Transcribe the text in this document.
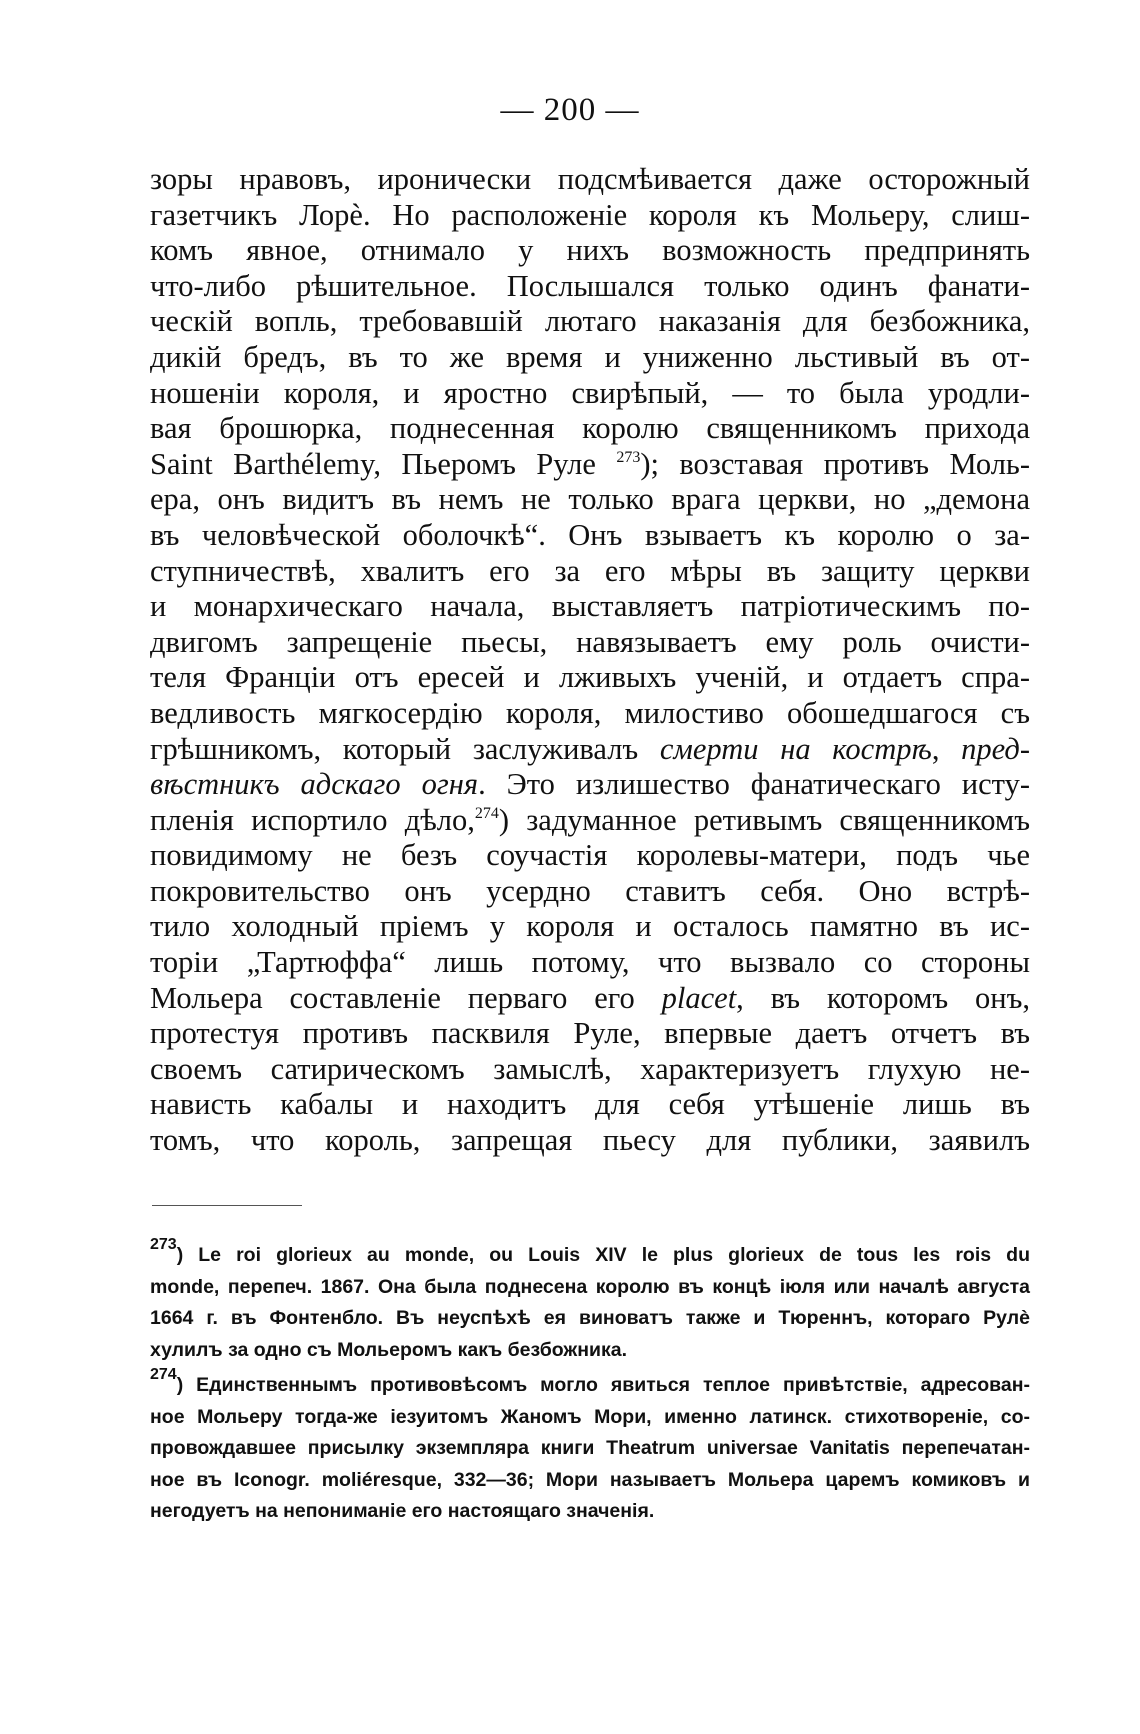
— 200 —
зоры нравовъ, иронически подсмѣивается даже осторожный
газетчикъ Лорè. Но расположеніе короля къ Мольеру, слиш-
комъ явное, отнимало у нихъ возможность предпринять
что-либо рѣшительное. Послышался только одинъ фанати-
ческій вопль, требовавшій лютаго наказанія для безбожника,
дикій бредъ, въ то же время и униженно льстивый въ от-
ношеніи короля, и яростно свирѣпый, — то была уродли-
вая брошюрка, поднесенная королю священникомъ прихода
Saint Barthélemy, Пьеромъ Руле $^{273}$); возставая противъ Моль-
ера, онъ видитъ въ немъ не только врага церкви, но „демона
въ человѣческой оболочкѣ“. Онъ взываетъ къ королю о за-
ступничествѣ, хвалитъ его за его мѣры въ защиту церкви
и монархическаго начала, выставляетъ патріотическимъ по-
двигомъ запрещеніе пьесы, навязываетъ ему роль очисти-
теля Франціи отъ ересей и лживыхъ ученій, и отдаетъ спра-
ведливость мягкосердію короля, милостиво обошедшагося съ
грѣшникомъ, который заслуживалъ смерти на кострѣ, пред-
вѣстникъ адскаго огня. Это излишество фанатическаго исту-
пленія испортило дѣло,$^{274}$) задуманное ретивымъ священникомъ
повидимому не безъ соучастія королевы-матери, подъ чье
покровительство онъ усердно ставитъ себя. Оно встрѣ-
тило холодный пріемъ у короля и осталось памятно въ ис-
торіи „Тартюффа“ лишь потому, что вызвало со стороны
Мольера составленіе перваго его placet, въ которомъ онъ,
протестуя противъ пасквиля Руле, впервые даетъ отчетъ въ
своемъ сатирическомъ замыслѣ, характеризуетъ глухую не-
нависть кабалы и находитъ для себя утѣшеніе лишь въ
томъ, что король, запрещая пьесу для публики, заявилъ
$^{273}$) Le roi glorieux au monde, ou Louis XIV le plus glorieux de tous les rois du
monde, перепеч. 1867. Она была поднесена королю въ концѣ іюля или началѣ августа
1664 г. въ Фонтенбло. Въ неуспѣхѣ ея виноватъ также и Тюреннъ, котораго Рулè
хулилъ за одно съ Мольеромъ какъ безбожника.
$^{274}$) Единственнымъ противовѣсомъ могло явиться теплое привѣтствіе, адресован-
ное Мольеру тогда-же іезуитомъ Жаномъ Мори, именно латинск. стихотвореніе, со-
провождавшее присылку экземпляра книги Theatrum universae Vanitatis перепечатан-
ное въ Iconogr. moliéresque, 332—36; Мори называетъ Мольера царемъ комиковъ и
негодуетъ на непониманіе его настоящаго значенія.
